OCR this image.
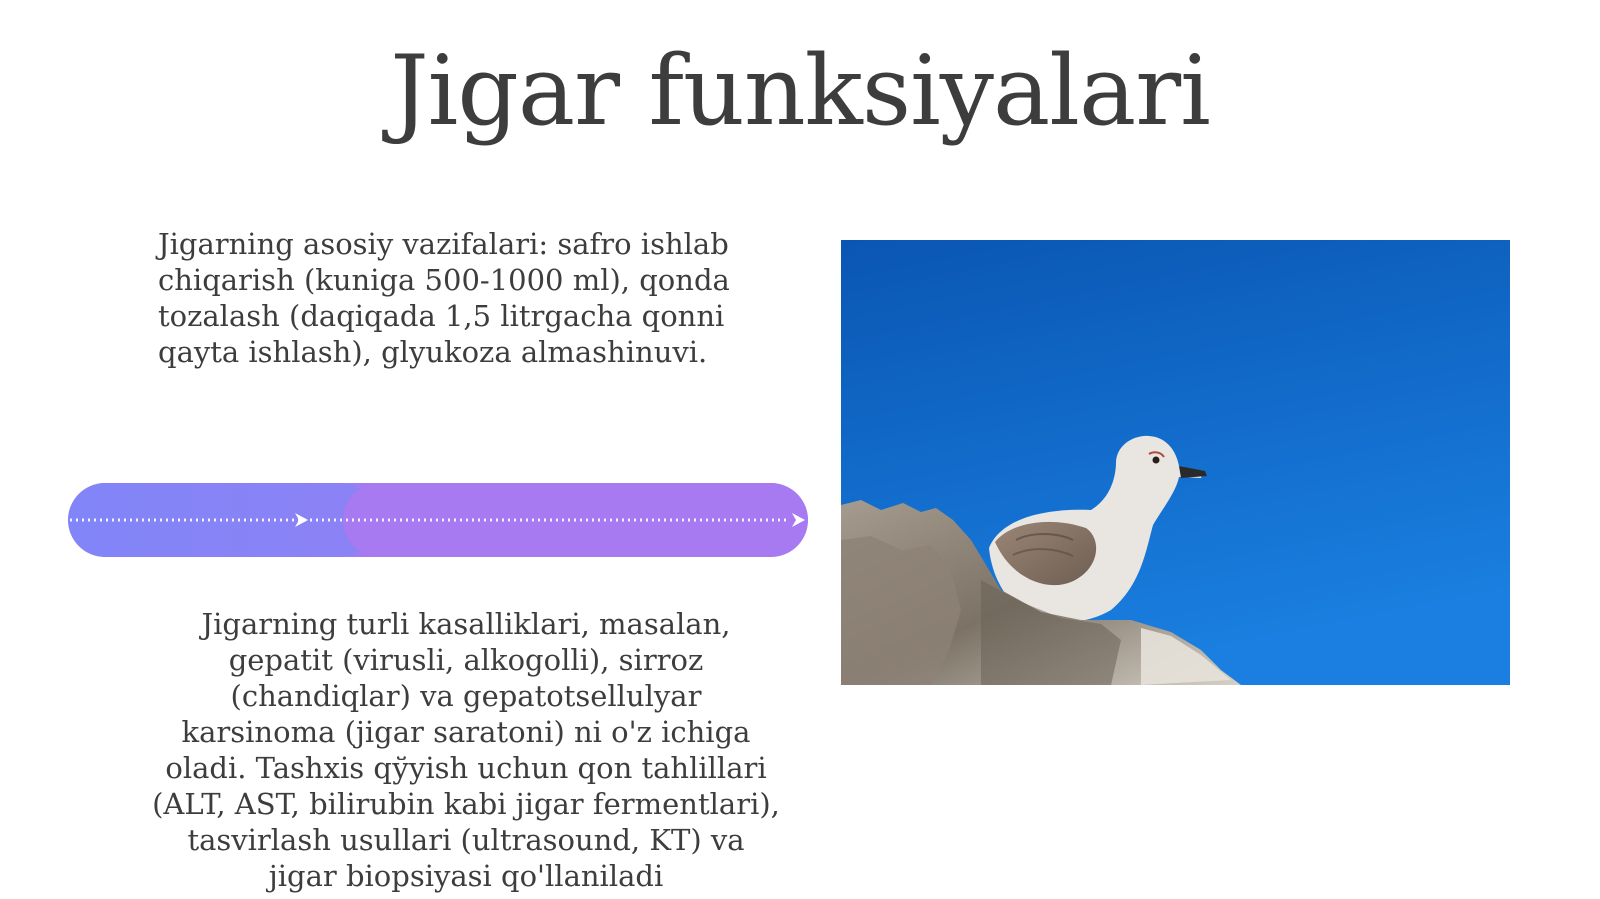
Jigar funksiyalari

Jigarning asosiy vazifalari: safro ishlab chiqarish (kuniga 500-1000 ml), qonda tozalash (daqiqada 1,5 litrgacha qonni qayta ishlash), glyukoza almashinuvi.

Jigarning turli kasalliklari, masalan, gepatit (virusli, alkogolli), sirroz (chandiqlar) va gepatotsellulyar karsinoma (jigar saratoni) ni o'z ichiga oladi. Tashxis qўyish uchun qon tahlillari (ALT, AST, bilirubin kabi jigar fermentlari), tasvirlash usullari (ultrasound, KT) va jigar biopsiyasi qo'llaniladi
